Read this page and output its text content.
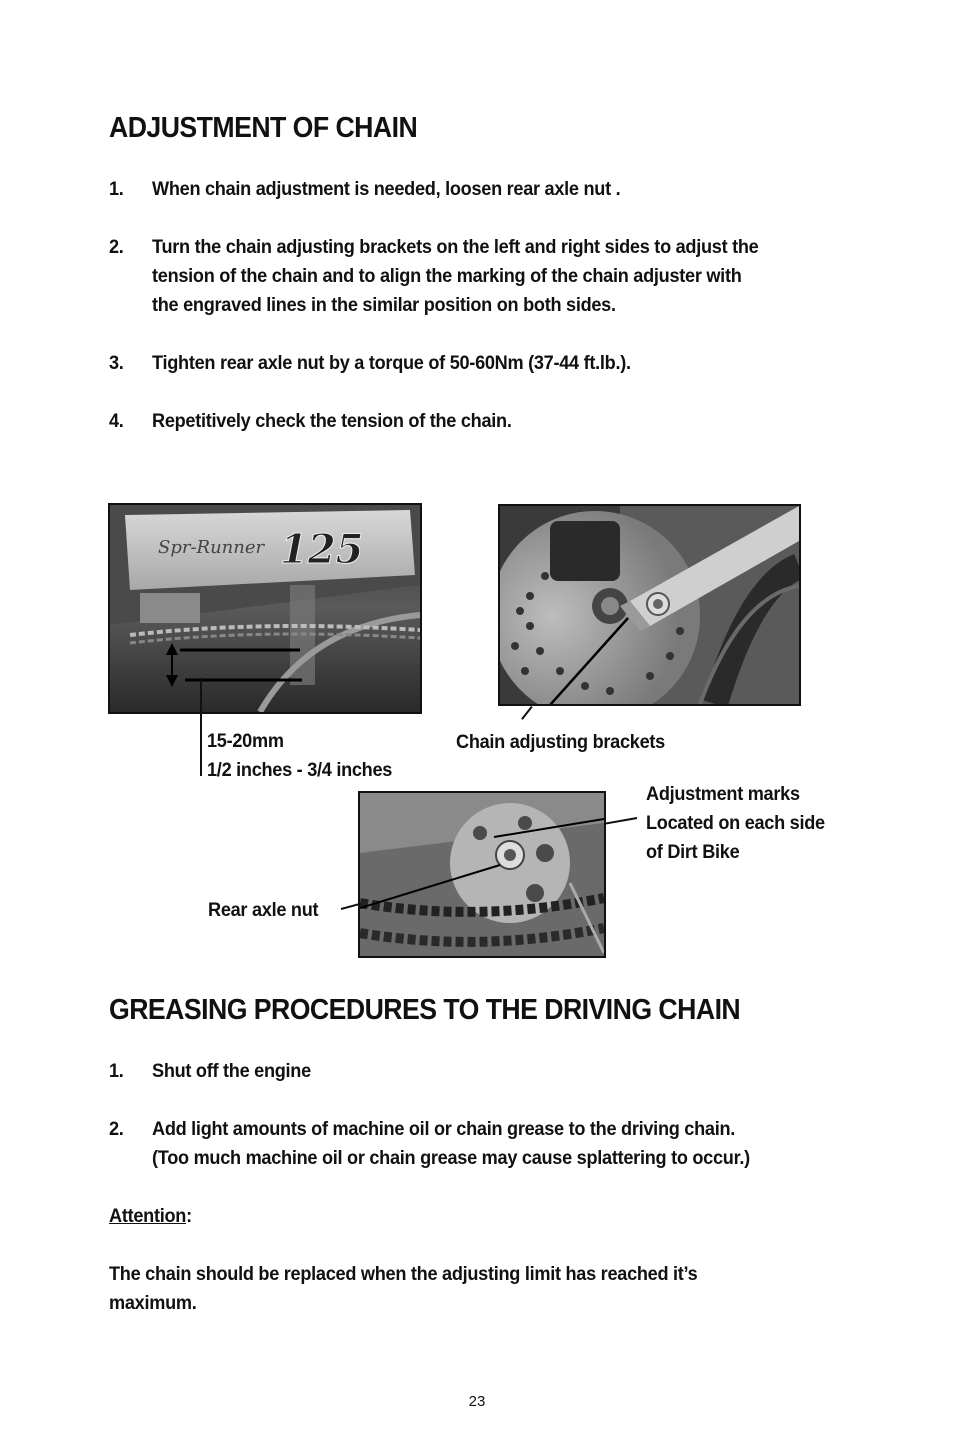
ADJUSTMENT OF CHAIN
1. When chain adjustment is needed, loosen rear axle nut .
2. Turn the chain adjusting brackets on the left and right sides to adjust the
tension of the chain and to align the marking of the chain adjuster with
the engraved lines in the similar position on both sides.
3. Tighten rear axle nut by a torque of 50-60Nm (37-44 ft.lb.).
4. Repetitively check the tension of the chain.
Spr-Runner 125
15-20mm
1/2 inches - 3/4 inches
Chain adjusting brackets
Adjustment marks
Located on each side
of Dirt Bike
Rear axle nut
GREASING PROCEDURES TO THE DRIVING CHAIN
1. Shut off the engine
2. Add light amounts of machine oil or chain grease to the driving chain.
(Too much machine oil or chain grease may cause splattering to occur.)
Attention:
The chain should be replaced when the adjusting limit has reached it’s
maximum.
23
